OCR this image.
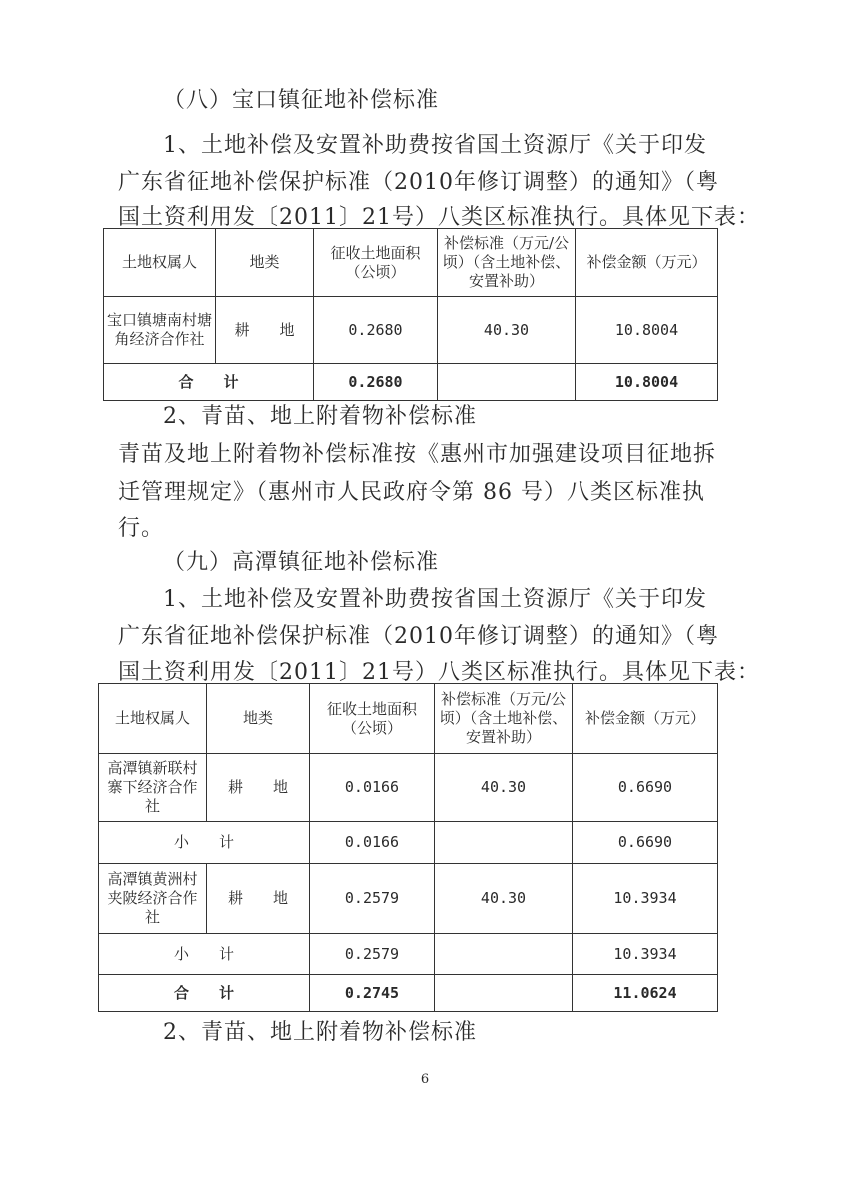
（八）宝口镇征地补偿标准
1、土地补偿及安置补助费按省国土资源厅《关于印发
广东省征地补偿保护标准（2010年修订调整）的通知》（粤
国土资利用发〔2011〕21号）八类区标准执行。具体见下表：
土地权属人	地类	征收土地面积（公顷）	补偿标准（万元/公顷）（含土地补偿、安置补助）	补偿金额（万元）
宝口镇塘南村塘角经济合作社	耕　　地	0.2680	40.30	10.8004
合　　计		0.2680		10.8004
2、青苗、地上附着物补偿标准
青苗及地上附着物补偿标准按《惠州市加强建设项目征地拆
迁管理规定》（惠州市人民政府令第 86 号）八类区标准执
行。
（九）高潭镇征地补偿标准
1、土地补偿及安置补助费按省国土资源厅《关于印发
广东省征地补偿保护标准（2010年修订调整）的通知》（粤
国土资利用发〔2011〕21号）八类区标准执行。具体见下表：
土地权属人	地类	征收土地面积（公顷）	补偿标准（万元/公顷）（含土地补偿、安置补助）	补偿金额（万元）
高潭镇新联村寨下经济合作社	耕　　地	0.0166	40.30	0.6690
小　　计		0.0166		0.6690
高潭镇黄洲村夹陂经济合作社	耕　　地	0.2579	40.30	10.3934
小　　计		0.2579		10.3934
合　　计		0.2745		11.0624
2、青苗、地上附着物补偿标准
6
